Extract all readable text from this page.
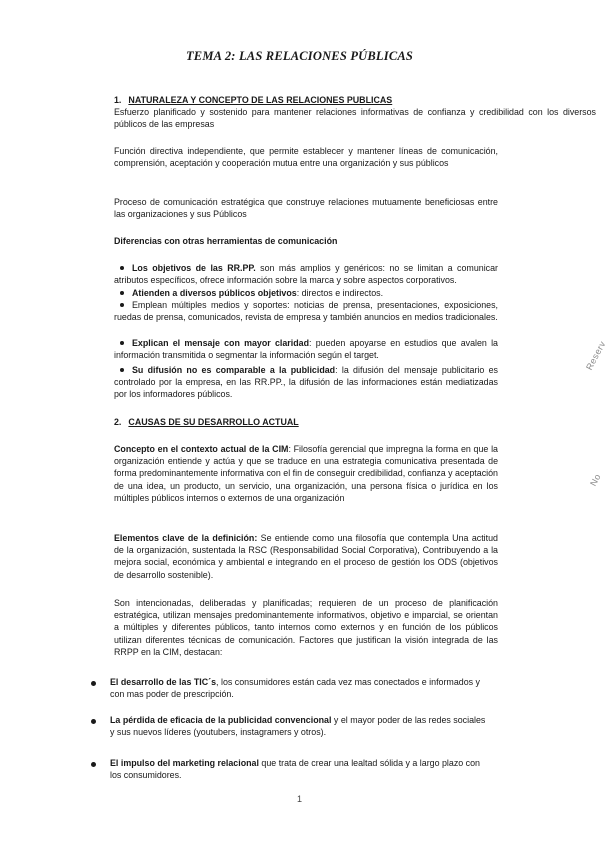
TEMA 2: LAS RELACIONES PÚBLICAS
1. NATURALEZA Y CONCEPTO DE LAS RELACIONES PUBLICAS
Esfuerzo planificado y sostenido para mantener relaciones informativas de confianza y credibilidad con los diversos públicos de las empresas
Función directiva independiente, que permite establecer y mantener líneas de comunicación, comprensión, aceptación y cooperación mutua entre una organización y sus públicos
Proceso de comunicación estratégica que construye relaciones mutuamente beneficiosas entre las organizaciones y sus Públicos
Diferencias con otras herramientas de comunicación
Los objetivos de las RR.PP. son más amplios y genéricos: no se limitan a comunicar atributos específicos, ofrece información sobre la marca y sobre aspectos corporativos.
Atienden a diversos públicos objetivos: directos e indirectos.
Emplean múltiples medios y soportes: noticias de prensa, presentaciones, exposiciones, ruedas de prensa, comunicados, revista de empresa y también anuncios en medios tradicionales.
Explican el mensaje con mayor claridad: pueden apoyarse en estudios que avalen la información transmitida o segmentar la información según el target.
Su difusión no es comparable a la publicidad: la difusión del mensaje publicitario es controlado por la empresa, en las RR.PP., la difusión de las informaciones están mediatizadas por los informadores públicos.
2. CAUSAS DE SU DESARROLLO ACTUAL
Concepto en el contexto actual de la CIM: Filosofía gerencial que impregna la forma en que la organización entiende y actúa y que se traduce en una estrategia comunicativa presentada de forma predominantemente informativa con el fin de conseguir credibilidad, confianza y aceptación de una idea, un producto, un servicio, una organización, una persona física o jurídica en los múltiples públicos internos o externos de una organización
Elementos clave de la definición: Se entiende como una filosofía que contempla Una actitud de la organización, sustentada la RSC (Responsabilidad Social Corporativa), Contribuyendo a la mejora social, económica y ambiental e integrando en el proceso de gestión los ODS (objetivos de desarrollo sostenible).
Son intencionadas, deliberadas y planificadas; requieren de un proceso de planificación estratégica, utilizan mensajes predominantemente informativos, objetivo e imparcial, se orientan a múltiples y diferentes públicos, tanto internos como externos y en función de los públicos utilizan diferentes técnicas de comunicación. Factores que justifican la visión integrada de las RRPP en la CIM, destacan:
El desarrollo de las TIC´s, los consumidores están cada vez mas conectados e informados y con mas poder de prescripción.
La pérdida de eficacia de la publicidad convencional y el mayor poder de las redes sociales y sus nuevos líderes (youtubers, instagramers y otros).
El impulso del marketing relacional que trata de crear una lealtad sólida y a largo plazo con los consumidores.
Reserv
No
1
